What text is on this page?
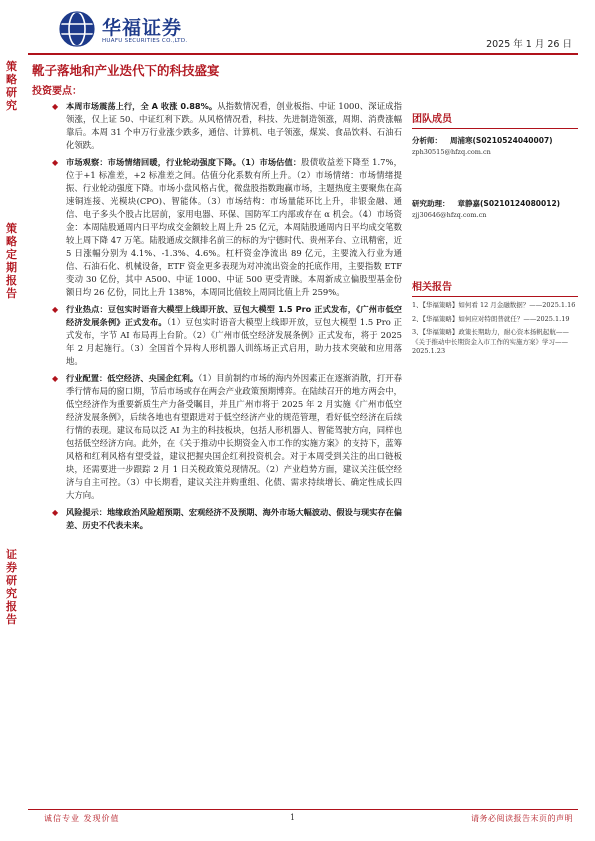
策略研究
策略定期报告
证券研究报告
华福证券
HUAFU SECURITIES CO.,LTD.	2025 年 1 月 26 日
靴子落地和产业迭代下的科技盛宴
投资要点：
◆ 本周市场震荡上行，全 A 收涨 0.88%。从指数情况看，创业板指、中证 1000、深证成指领涨，仅上证 50、中证红利下跌。从风格情况看，科技、先进制造领涨，周期、消费涨幅靠后。本周 31 个申万行业涨少跌多，通信、计算机、电子领涨，煤炭、食品饮料、石油石化领跌。
◆ 市场观察：市场情绪回暖，行业轮动强度下降。（1）市场估值：股债收益差下降至 1.7%，位于+1 标准差，+2 标准差之间。估值分化系数有所上升。（2）市场情绪：市场情绪提振、行业轮动强度下降。市场小盘风格占优，微盘股指数跑赢市场，主题热度主要聚焦在高速铜连接、光模块(CPO)、智能体。（3）市场结构：市场量能环比上升，非银金融、通信、电子多头个股占比居前，家用电器、环保、国防军工内部或存在 α 机会。（4）市场资金：本周陆股通周内日平均成交金额较上周上升 25 亿元，本周陆股通周内日平均成交笔数较上周下降 47 万笔。陆股通成交额排名前三的标的为宁德时代、贵州茅台、立讯精密，近 5 日涨幅分别为 4.1%、-1.3%、4.6%。杠杆资金净流出 89 亿元，主要流入行业为通信、石油石化、机械设备，ETF 资金更多表现为对冲流出资金的托底作用，主要指数 ETF 变动 30 亿份，其中 A500、中证 1000、中证 500 更受青睐。本周新成立偏股型基金份额日均 26 亿份，同比上升 138%，本周同比值较上周同比值上升 259%。
◆ 行业热点：豆包实时语音大模型上线即开放、豆包大模型 1.5 Pro 正式发布，《广州市低空经济发展条例》正式发布。（1）豆包实时语音大模型上线即开放，豆包大模型 1.5 Pro 正式发布，字节 AI 布局再上台阶。（2）《广州市低空经济发展条例》正式发布，将于 2025 年 2 月起施行。（3）全国首个异构人形机器人训练场正式启用，助力技术突破和应用落地。
◆ 行业配置：低空经济、央国企红利。（1）目前制约市场的海内外因素正在逐渐消散，打开春季行情布局的窗口期，节后市场或存在两会产业政策预期博弈。在陆续召开的地方两会中，低空经济作为重要新质生产力备受瞩目，并且广州市将于 2025 年 2 月实施《广州市低空经济发展条例》，后续各地也有望跟进对于低空经济产业的规范管理，看好低空经济在后续行情的表现。建议布局以泛 AI 为主的科技板块，包括人形机器人、智能驾驶方向，同样也包括低空经济方向。此外，在《关于推动中长期资金入市工作的实施方案》的支持下，蓝筹风格和红利风格有望受益，建议把握央国企红利投资机会。对于本周受到关注的出口链板块，还需要进一步跟踪 2 月 1 日关税政策兑现情况。（2）产业趋势方面，建议关注低空经济与自主可控。（3）中长期看，建议关注并购重组、化债、需求持续增长、确定性成长四大方向。
◆ 风险提示：地缘政治风险超预期、宏观经济不及预期、海外市场大幅波动、假设与现实存在偏差、历史不代表未来。
团队成员
分析师： 周浦寒(S0210524040007)
zph30515@hfzq.com.cn
研究助理： 章静嘉(S0210124080012)
zjj30646@hfzq.com.cn
相关报告
1、【华福策略】如何看 12 月金融数据？——2025.1.16
2、【华福策略】如何应对特朗普就任？——2025.1.19
3、【华福策略】政策长期助力，耐心资本扬帆起航——《关于推动中长期资金入市工作的实施方案》学习——2025.1.23
诚信专业 发现价值	1	请务必阅读报告末页的声明
